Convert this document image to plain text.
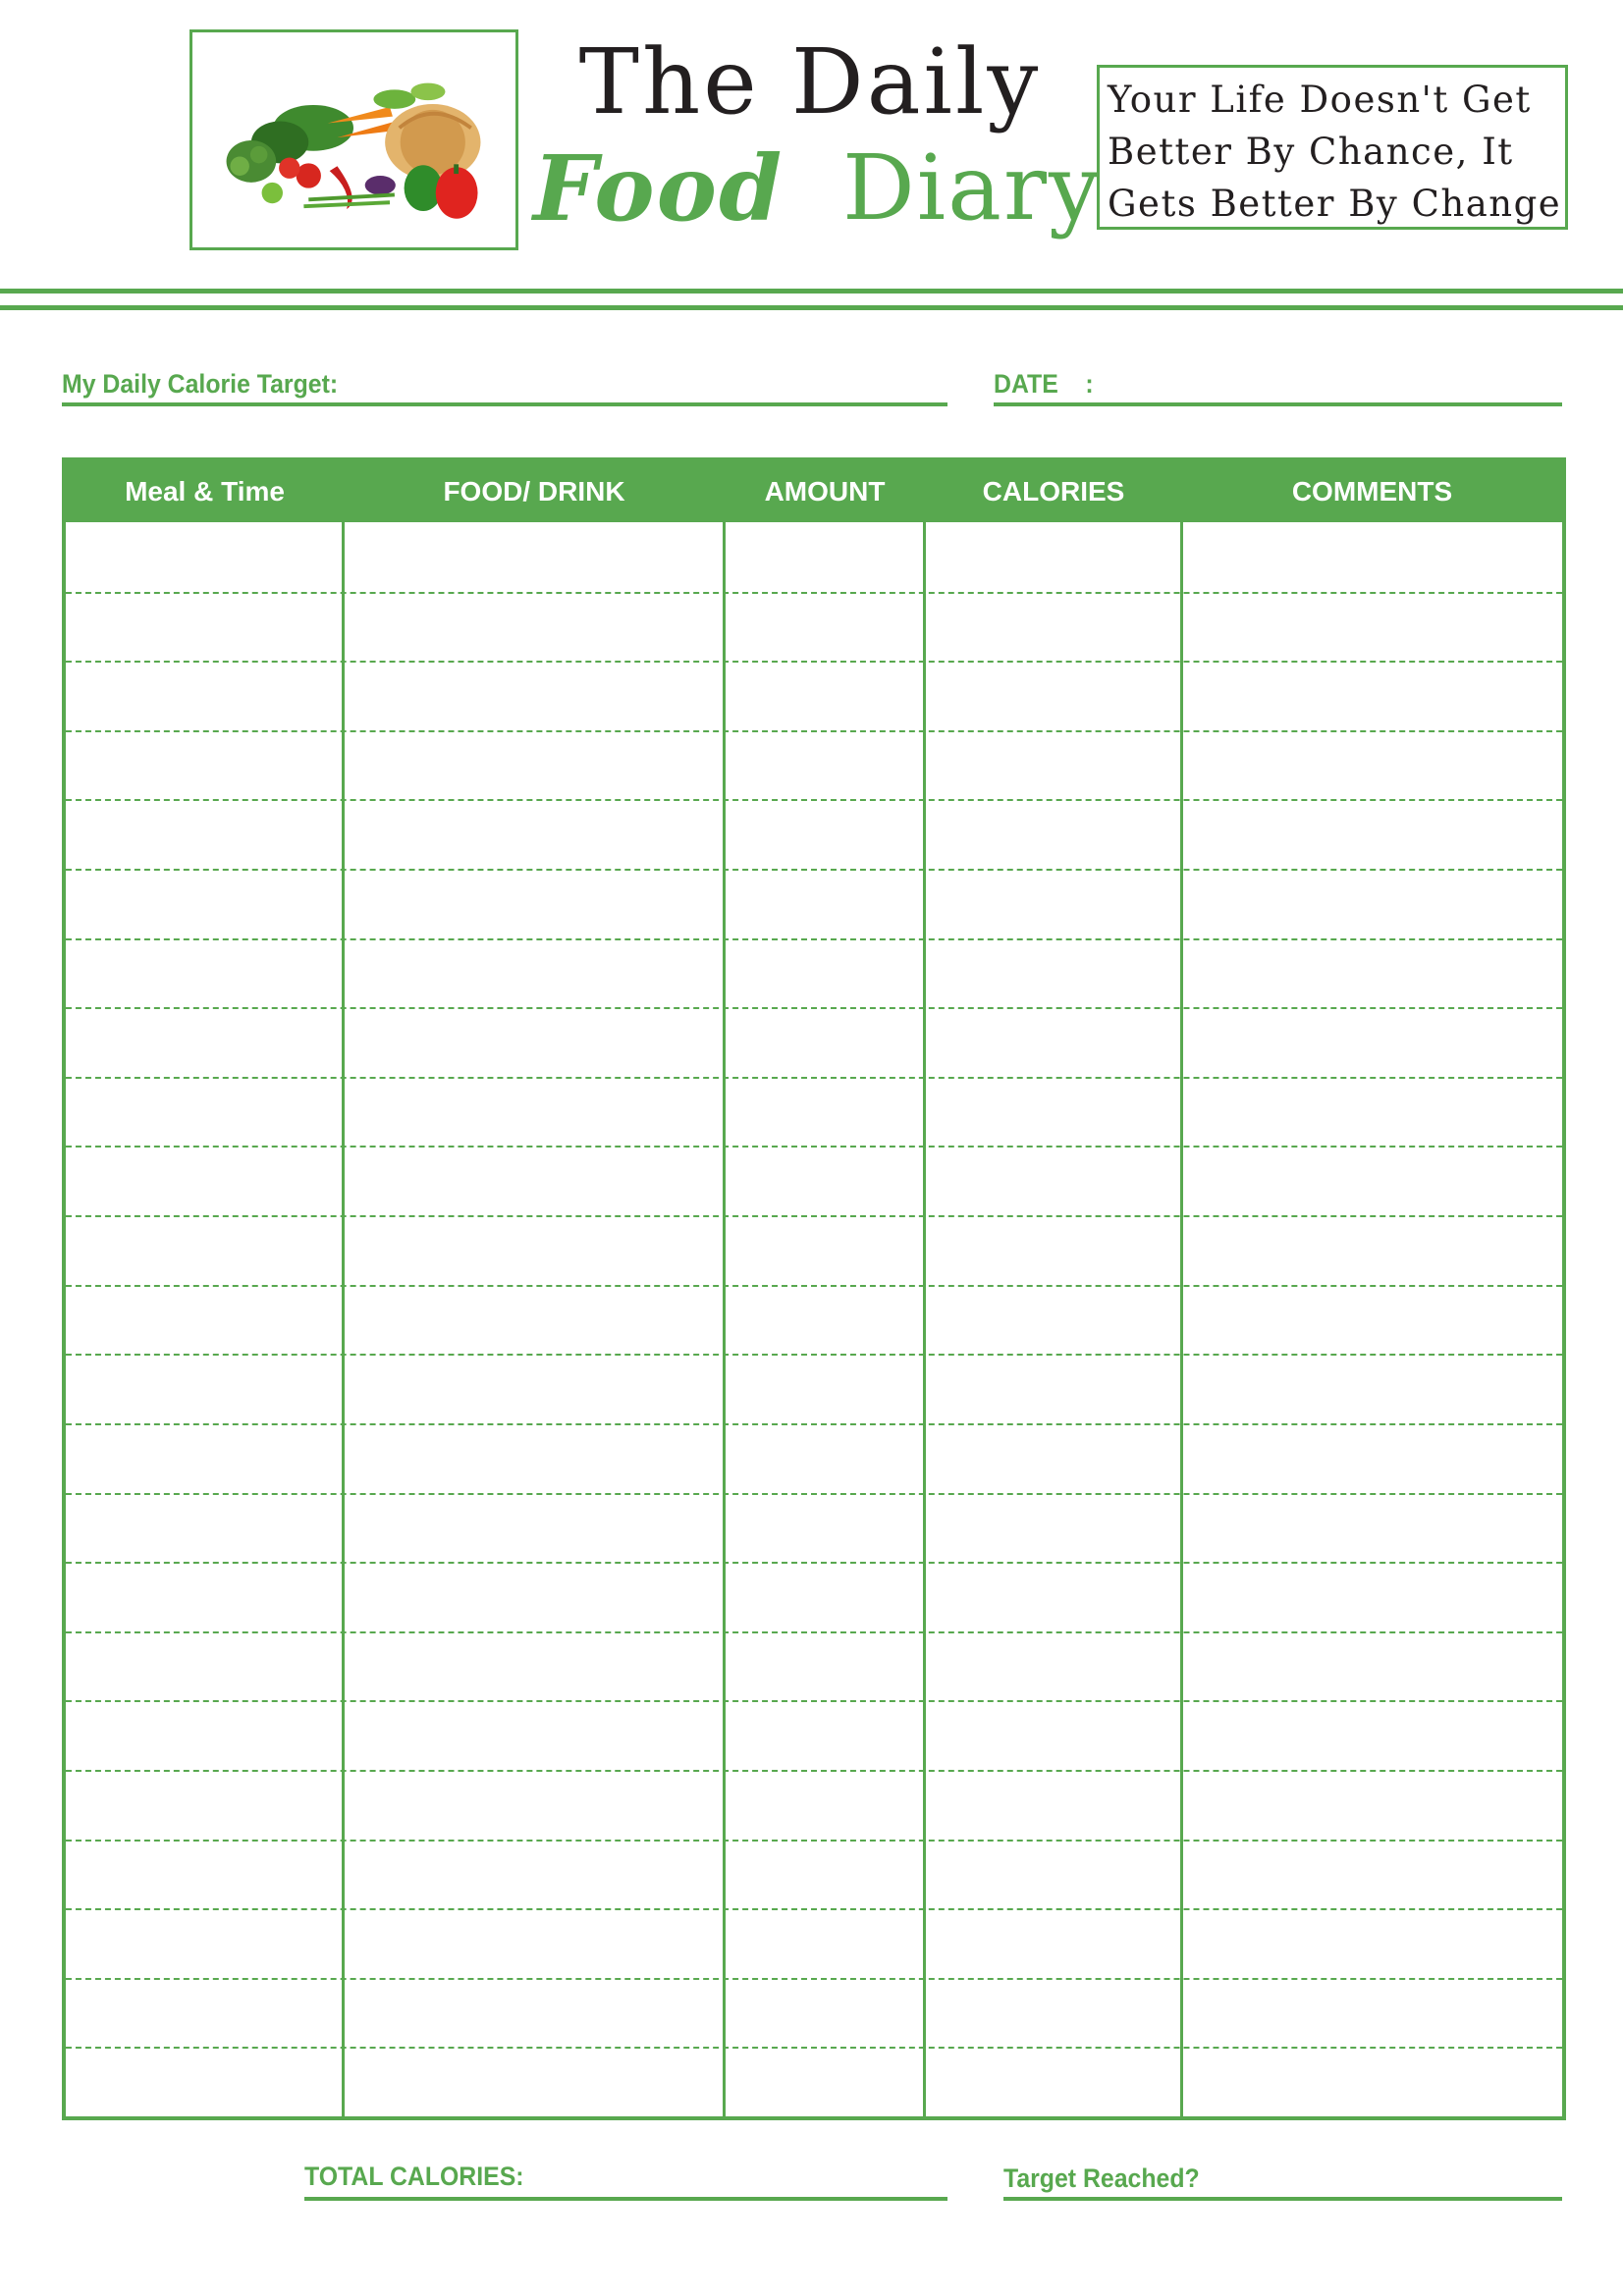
The Daily
Food Diary
Your Life Doesn't Get
Better By Chance, It
Gets Better By Change
My Daily Calorie Target:	DATE    :
Meal & Time	FOOD/ DRINK	AMOUNT	CALORIES	COMMENTS
TOTAL CALORIES:	Target Reached?
